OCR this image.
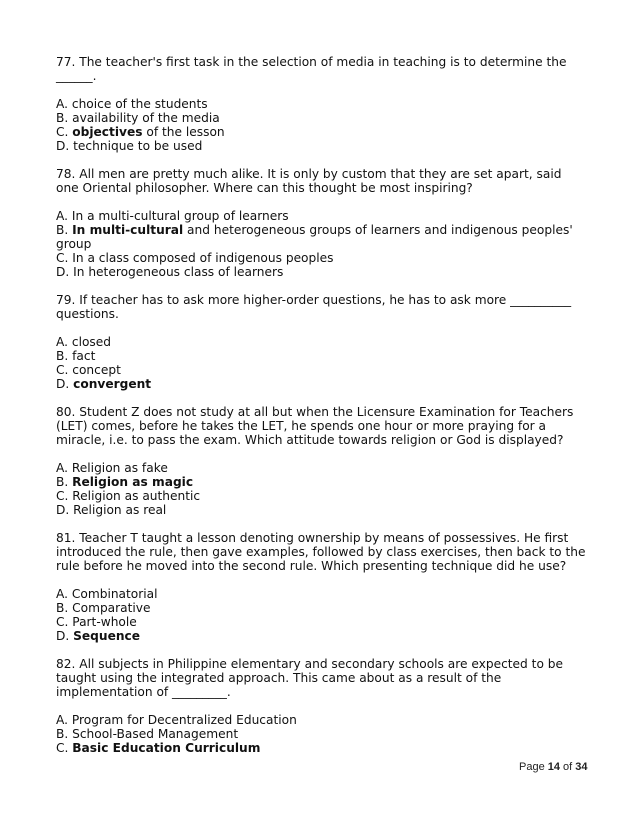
77. The teacher's first task in the selection of media in teaching is to determine the ______.

A. choice of the students

B. availability of the media

C. objectives of the lesson

D. technique to be used

78. All men are pretty much alike. It is only by custom that they are set apart, said one Oriental philosopher. Where can this thought be most inspiring?

A. In a multi-cultural group of learners

B. In multi-cultural and heterogeneous groups of learners and indigenous peoples' group

C. In a class composed of indigenous peoples

D. In heterogeneous class of learners

79. If teacher has to ask more higher-order questions, he has to ask more __________ questions.

A. closed

B. fact

C. concept

D. convergent

80. Student Z does not study at all but when the Licensure Examination for Teachers (LET) comes, before he takes the LET, he spends one hour or more praying for a miracle, i.e. to pass the exam. Which attitude towards religion or God is displayed?

A. Religion as fake

B. Religion as magic

C. Religion as authentic

D. Religion as real

81. Teacher T taught a lesson denoting ownership by means of possessives. He first introduced the rule, then gave examples, followed by class exercises, then back to the rule before he moved into the second rule. Which presenting technique did he use?

A. Combinatorial

B. Comparative

C. Part-whole

D. Sequence

82. All subjects in Philippine elementary and secondary schools are expected to be taught using the integrated approach. This came about as a result of the implementation of _________.

A. Program for Decentralized Education

B. School-Based Management

C. Basic Education Curriculum

Page 14 of 34
